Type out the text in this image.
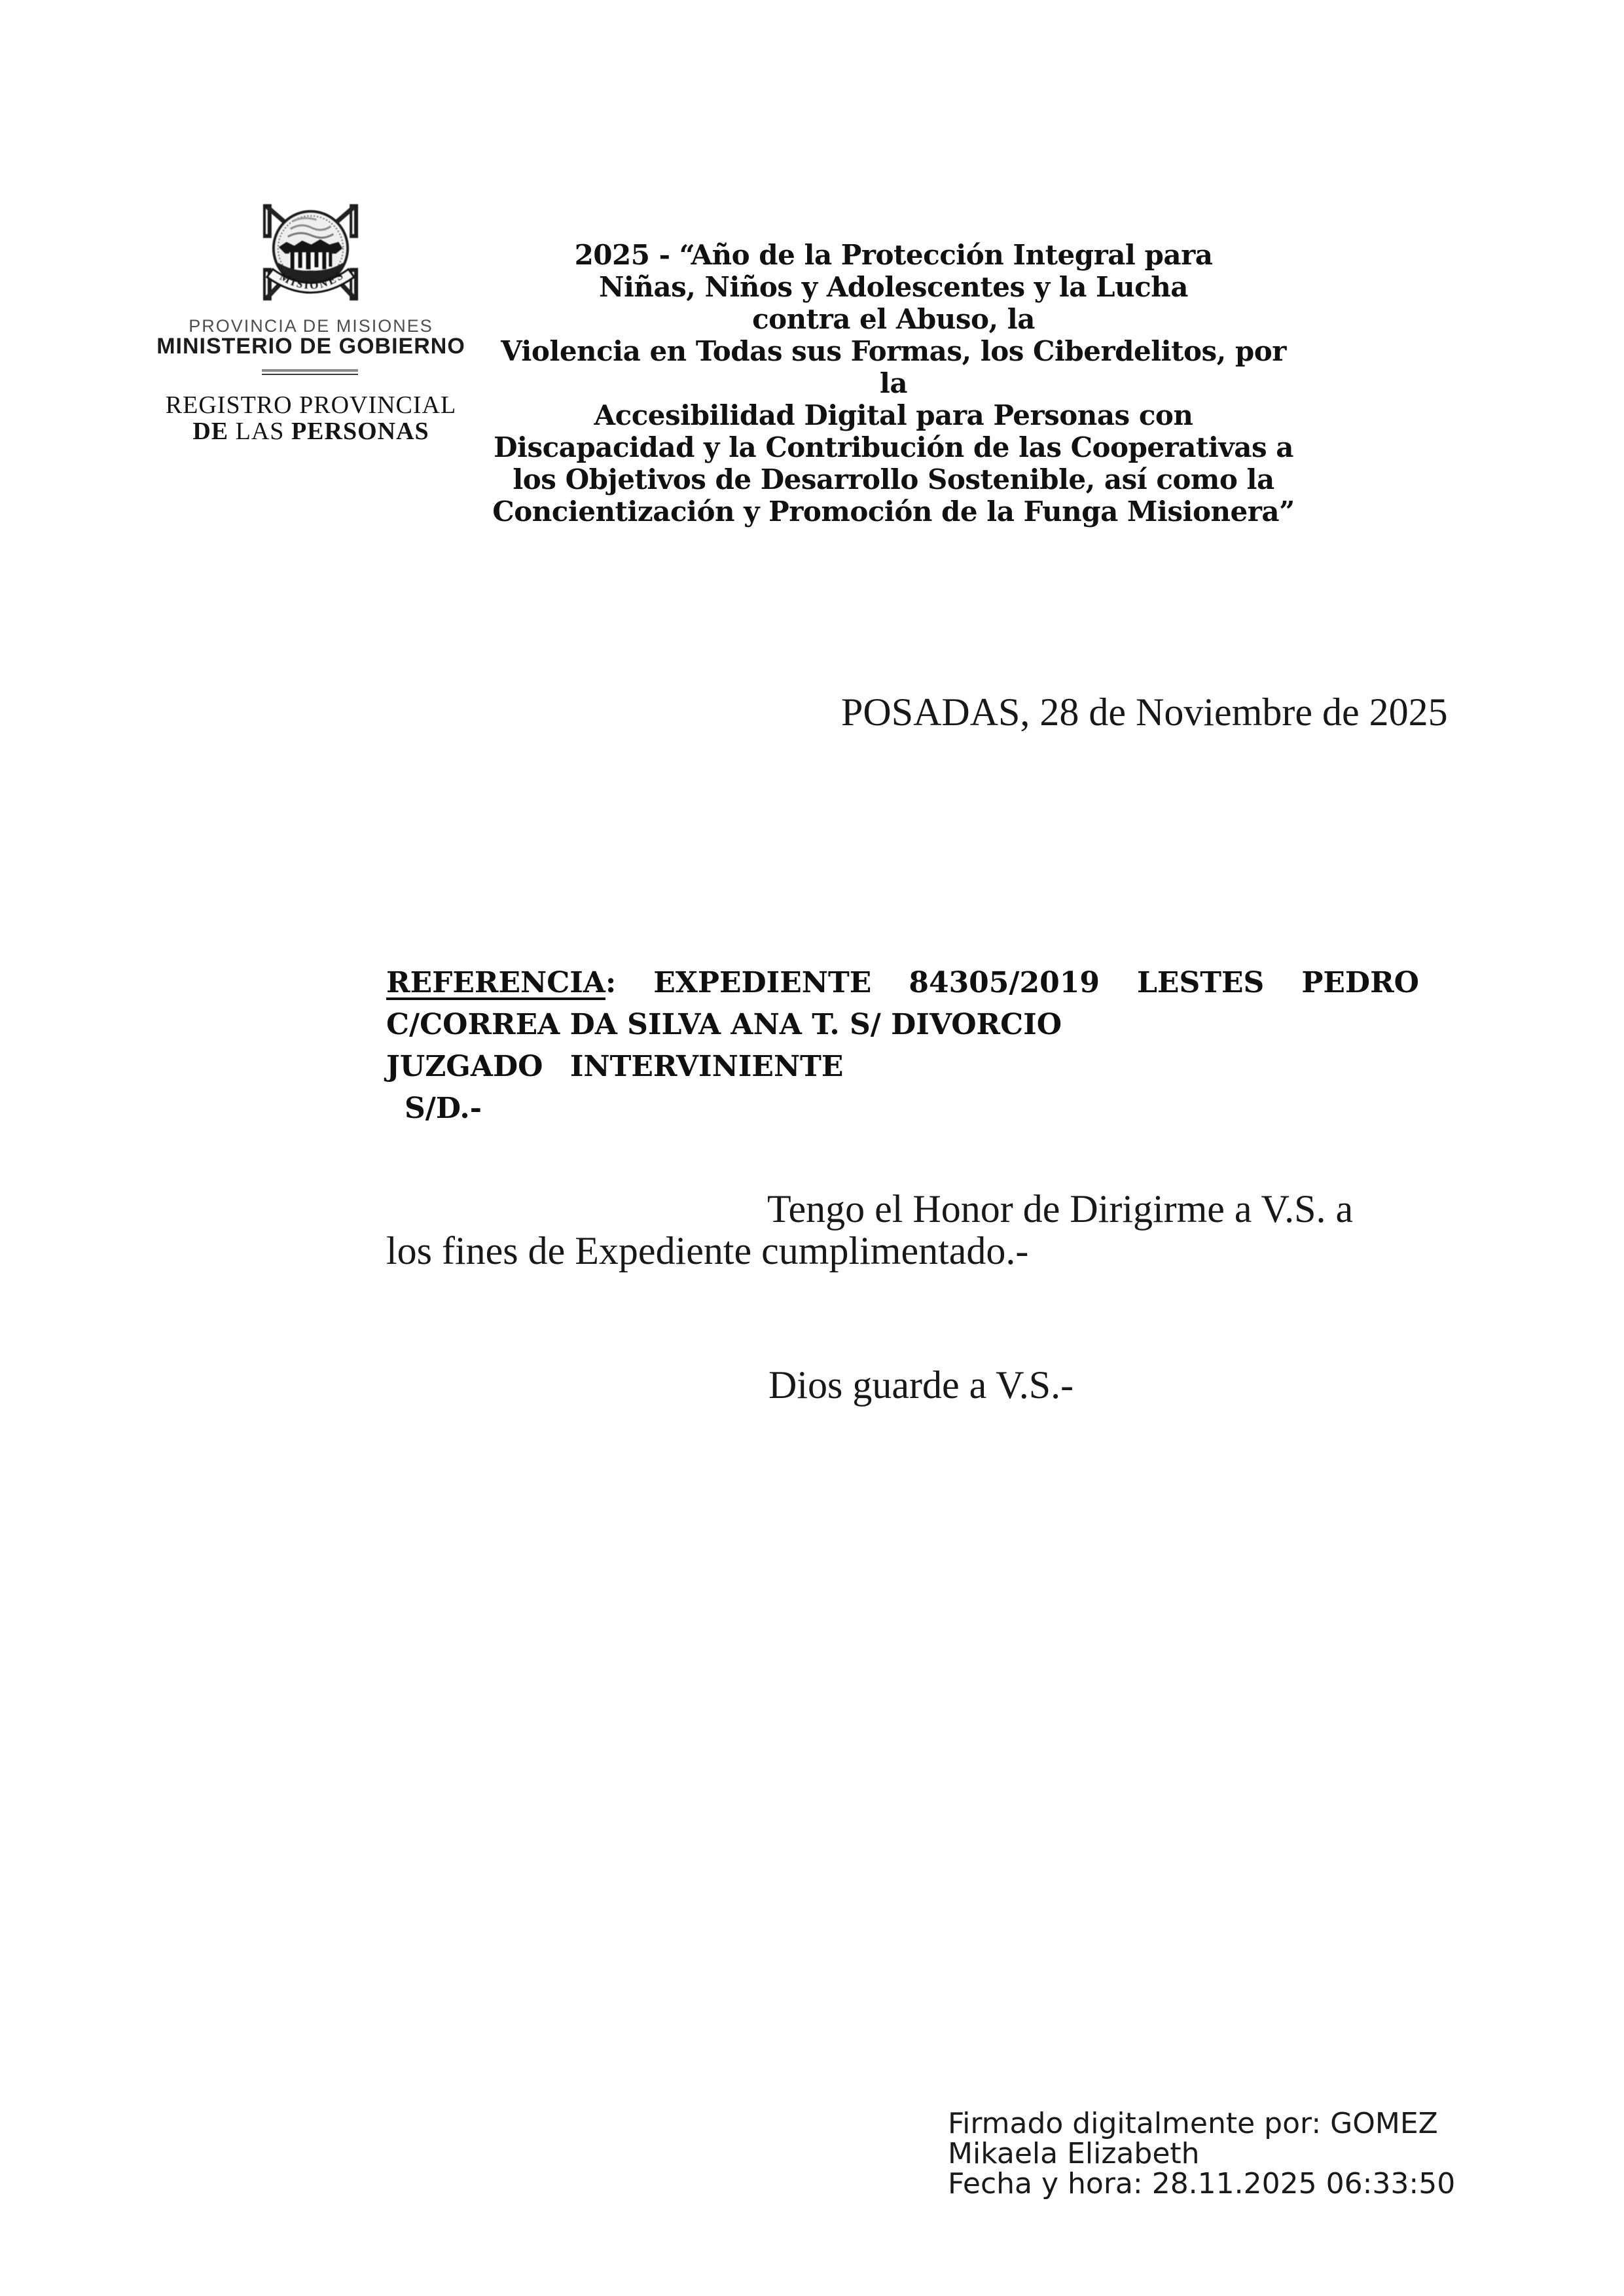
MISIONES
PROVINCIA DE MISIONES
MINISTERIO DE GOBIERNO
REGISTRO PROVINCIAL
DE LAS PERSONAS
2025 - “Año de la Protección Integral para
Niñas, Niños y Adolescentes y la Lucha
contra el Abuso, la
Violencia en Todas sus Formas, los Ciberdelitos, por la
Accesibilidad Digital para Personas con
Discapacidad y la Contribución de las Cooperativas a
los Objetivos de Desarrollo Sostenible, así como la
Concientización y Promoción de la Funga Misionera”
POSADAS, 28 de Noviembre de 2025
REFERENCIA: EXPEDIENTE 84305/2019 LESTES PEDRO
C/CORREA DA SILVA ANA T. S/ DIVORCIO
JUZGADO INTERVINIENTE
S/D.-
Tengo el Honor de Dirigirme a V.S. a
los fines de Expediente cumplimentado.-
Dios guarde a V.S.-
Firmado digitalmente por: GOMEZ
Mikaela Elizabeth
Fecha y hora: 28.11.2025 06:33:50
